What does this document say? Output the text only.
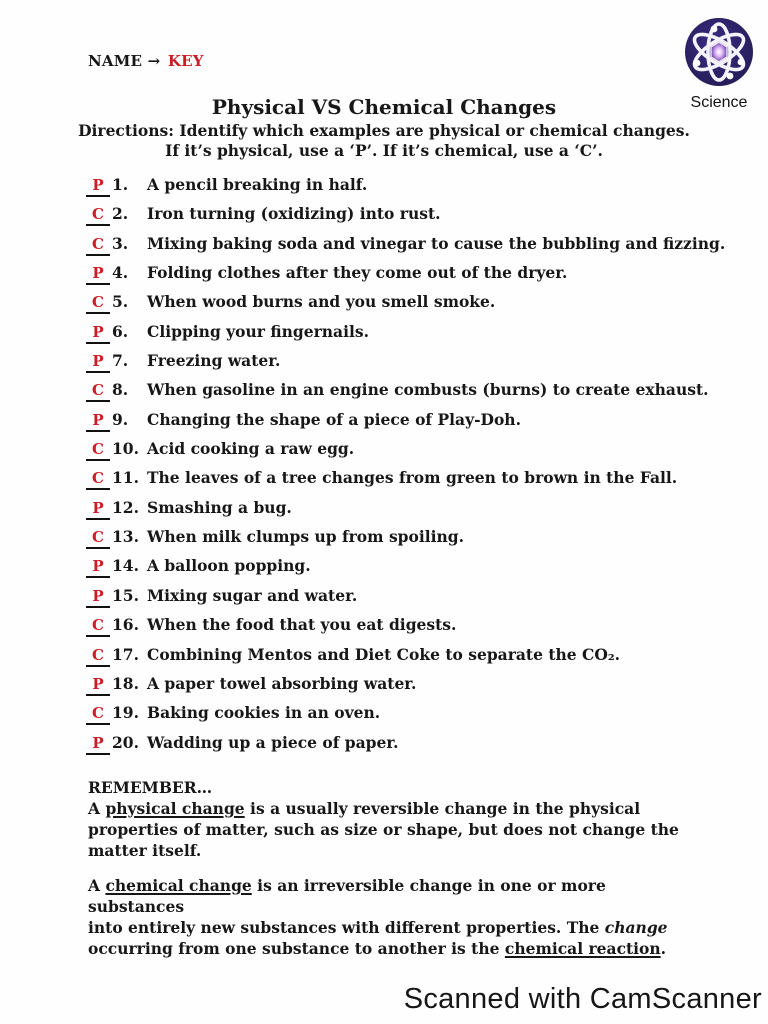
NAME → KEY
Science
Physical VS Chemical Changes
Directions: Identify which examples are physical or chemical changes.
If it’s physical, use a ‘P’. If it’s chemical, use a ‘C’.
P 1.	A pencil breaking in half.
C 2.	Iron turning (oxidizing) into rust.
C 3.	Mixing baking soda and vinegar to cause the bubbling and fizzing.
P 4.	Folding clothes after they come out of the dryer.
C 5.	When wood burns and you smell smoke.
P 6.	Clipping your fingernails.
P 7.	Freezing water.
C 8.	When gasoline in an engine combusts (burns) to create exhaust.
P 9.	Changing the shape of a piece of Play-Doh.
C 10. Acid cooking a raw egg.
C 11. The leaves of a tree changes from green to brown in the Fall.
P 12. Smashing a bug.
C 13. When milk clumps up from spoiling.
P 14. A balloon popping.
P 15. Mixing sugar and water.
C 16. When the food that you eat digests.
C 17. Combining Mentos and Diet Coke to separate the CO₂.
P 18. A paper towel absorbing water.
C 19. Baking cookies in an oven.
P 20. Wadding up a piece of paper.
REMEMBER…

A physical change is a usually reversible change in the physical
properties of matter, such as size or shape, but does not change the
matter itself.

A chemical change is an irreversible change in one or more substances
into entirely new substances with different properties. The change
occurring from one substance to another is the chemical reaction.

Scanned with CamScanner
